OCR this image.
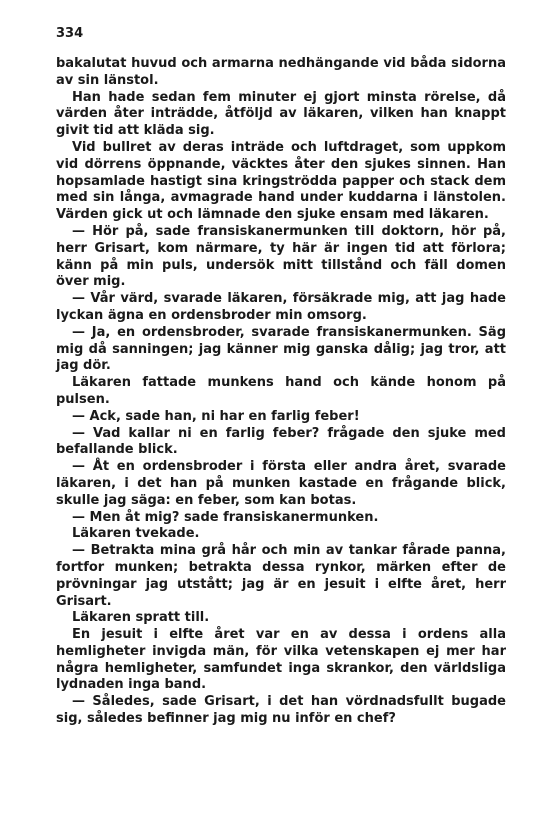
334

bakalutat huvud och armarna nedhängande vid båda sidorna av sin länstol.

Han hade sedan fem minuter ej gjort minsta rörelse, då värden åter inträdde, åtföljd av läkaren, vilken han knappt givit tid att kläda sig.

Vid bullret av deras inträde och luftdraget, som uppkom vid dörrens öppnande, väcktes åter den sjukes sinnen. Han hopsamlade hastigt sina kringströdda papper och stack dem med sin långa, avmagrade hand under kuddarna i länstolen. Värden gick ut och lämnade den sjuke ensam med läkaren.

— Hör på, sade fransiskanermunken till doktorn, hör på, herr Grisart, kom närmare, ty här är ingen tid att förlora; känn på min puls, undersök mitt tillstånd och fäll domen över mig.

— Vår värd, svarade läkaren, försäkrade mig, att jag hade lyckan ägna en ordensbroder min omsorg.

— Ja, en ordensbroder, svarade fransiskanermunken. Säg mig då sanningen; jag känner mig ganska dålig; jag tror, att jag dör.

Läkaren fattade munkens hand och kände honom på pulsen.

— Ack, sade han, ni har en farlig feber!

— Vad kallar ni en farlig feber? frågade den sjuke med befallande blick.

— Åt en ordensbroder i första eller andra året, svarade läkaren, i det han på munken kastade en frågande blick, skulle jag säga: en feber, som kan botas.

— Men åt mig? sade fransiskanermunken.

Läkaren tvekade.

— Betrakta mina grå hår och min av tankar fårade panna, fortfor munken; betrakta dessa rynkor, märken efter de prövningar jag utstått; jag är en jesuit i elfte året, herr Grisart.

Läkaren spratt till.

En jesuit i elfte året var en av dessa i ordens alla hemligheter invigda män, för vilka vetenskapen ej mer har några hemligheter, samfundet inga skrankor, den världsliga lydnaden inga band.

— Således, sade Grisart, i det han vördnadsfullt bugade sig, således befinner jag mig nu inför en chef?
